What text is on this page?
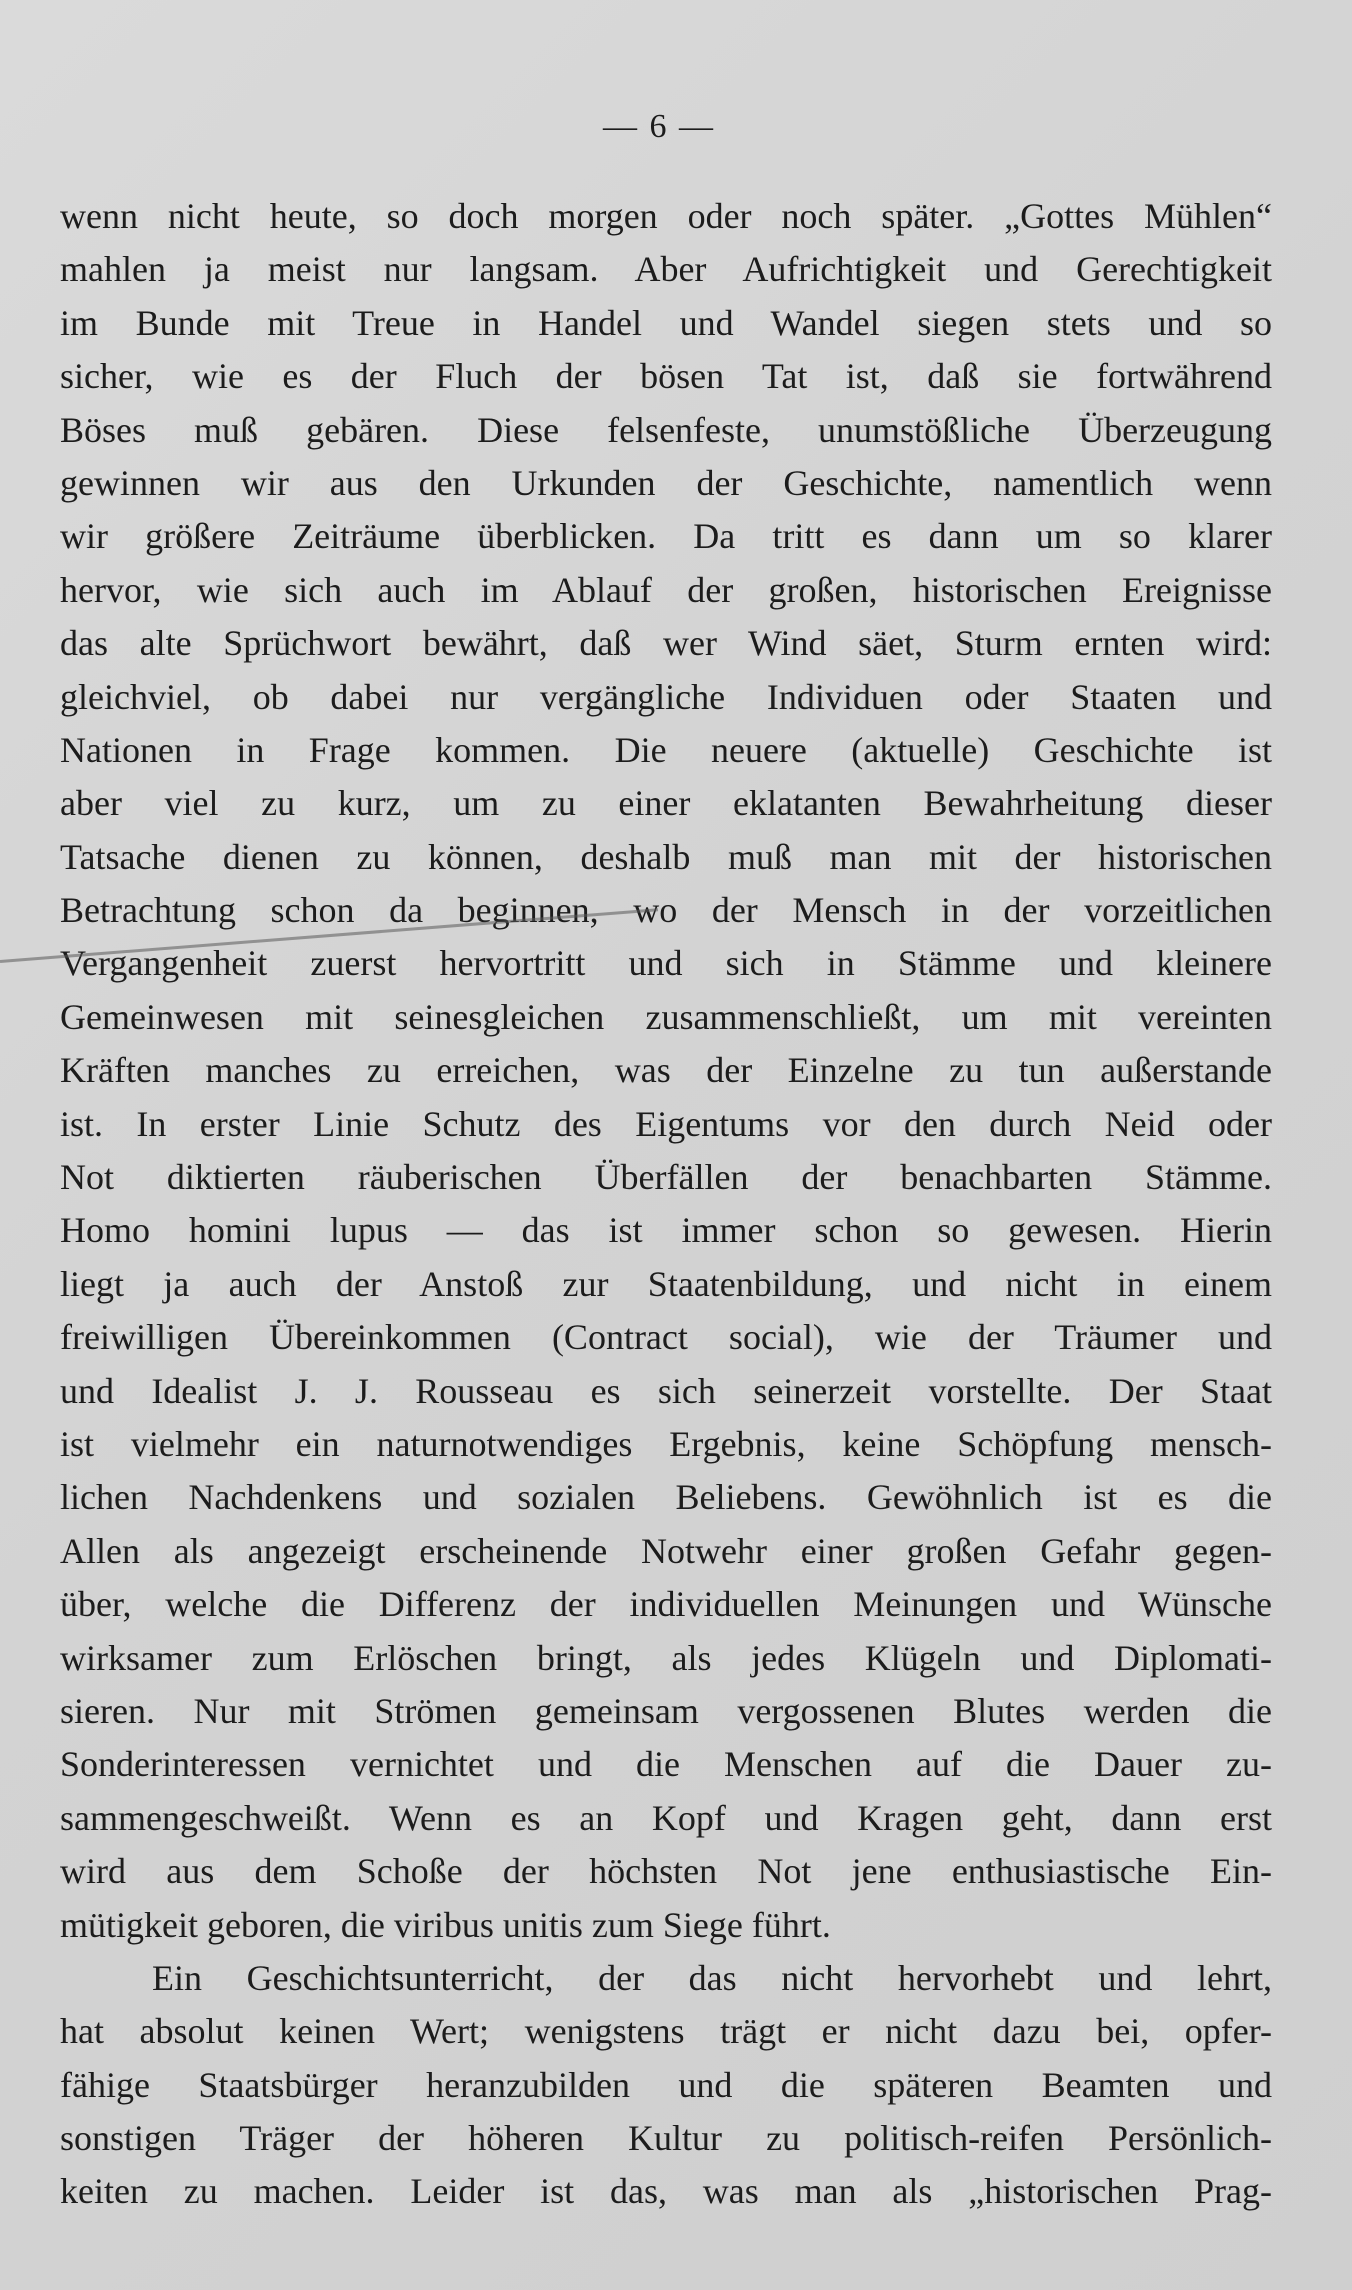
— 6 —
wenn nicht heute, so doch morgen oder noch später. „Gottes Mühlen“
mahlen ja meist nur langsam. Aber Aufrichtigkeit und Gerechtigkeit
im Bunde mit Treue in Handel und Wandel siegen stets und so
sicher, wie es der Fluch der bösen Tat ist, daß sie fortwährend
Böses muß gebären. Diese felsenfeste, unumstößliche Überzeugung
gewinnen wir aus den Urkunden der Geschichte, namentlich wenn
wir größere Zeiträume überblicken. Da tritt es dann um so klarer
hervor, wie sich auch im Ablauf der großen, historischen Ereignisse
das alte Sprüchwort bewährt, daß wer Wind säet, Sturm ernten wird:
gleichviel, ob dabei nur vergängliche Individuen oder Staaten und
Nationen in Frage kommen. Die neuere (aktuelle) Geschichte ist
aber viel zu kurz, um zu einer eklatanten Bewahrheitung dieser
Tatsache dienen zu können, deshalb muß man mit der historischen
Betrachtung schon da beginnen, wo der Mensch in der vorzeitlichen
Vergangenheit zuerst hervortritt und sich in Stämme und kleinere
Gemeinwesen mit seinesgleichen zusammenschließt, um mit vereinten
Kräften manches zu erreichen, was der Einzelne zu tun außerstande
ist. In erster Linie Schutz des Eigentums vor den durch Neid oder
Not diktierten räuberischen Überfällen der benachbarten Stämme.
Homo homini lupus — das ist immer schon so gewesen. Hierin
liegt ja auch der Anstoß zur Staatenbildung, und nicht in einem
freiwilligen Übereinkommen (Contract social), wie der Träumer und
und Idealist J. J. Rousseau es sich seinerzeit vorstellte. Der Staat
ist vielmehr ein naturnotwendiges Ergebnis, keine Schöpfung mensch-
lichen Nachdenkens und sozialen Beliebens. Gewöhnlich ist es die
Allen als angezeigt erscheinende Notwehr einer großen Gefahr gegen-
über, welche die Differenz der individuellen Meinungen und Wünsche
wirksamer zum Erlöschen bringt, als jedes Klügeln und Diplomati-
sieren. Nur mit Strömen gemeinsam vergossenen Blutes werden die
Sonderinteressen vernichtet und die Menschen auf die Dauer zu-
sammengeschweißt. Wenn es an Kopf und Kragen geht, dann erst
wird aus dem Schoße der höchsten Not jene enthusiastische Ein-
mütigkeit geboren, die viribus unitis zum Siege führt.
Ein Geschichtsunterricht, der das nicht hervorhebt und lehrt,
hat absolut keinen Wert; wenigstens trägt er nicht dazu bei, opfer-
fähige Staatsbürger heranzubilden und die späteren Beamten und
sonstigen Träger der höheren Kultur zu politisch-reifen Persönlich-
keiten zu machen. Leider ist das, was man als „historischen Prag-
